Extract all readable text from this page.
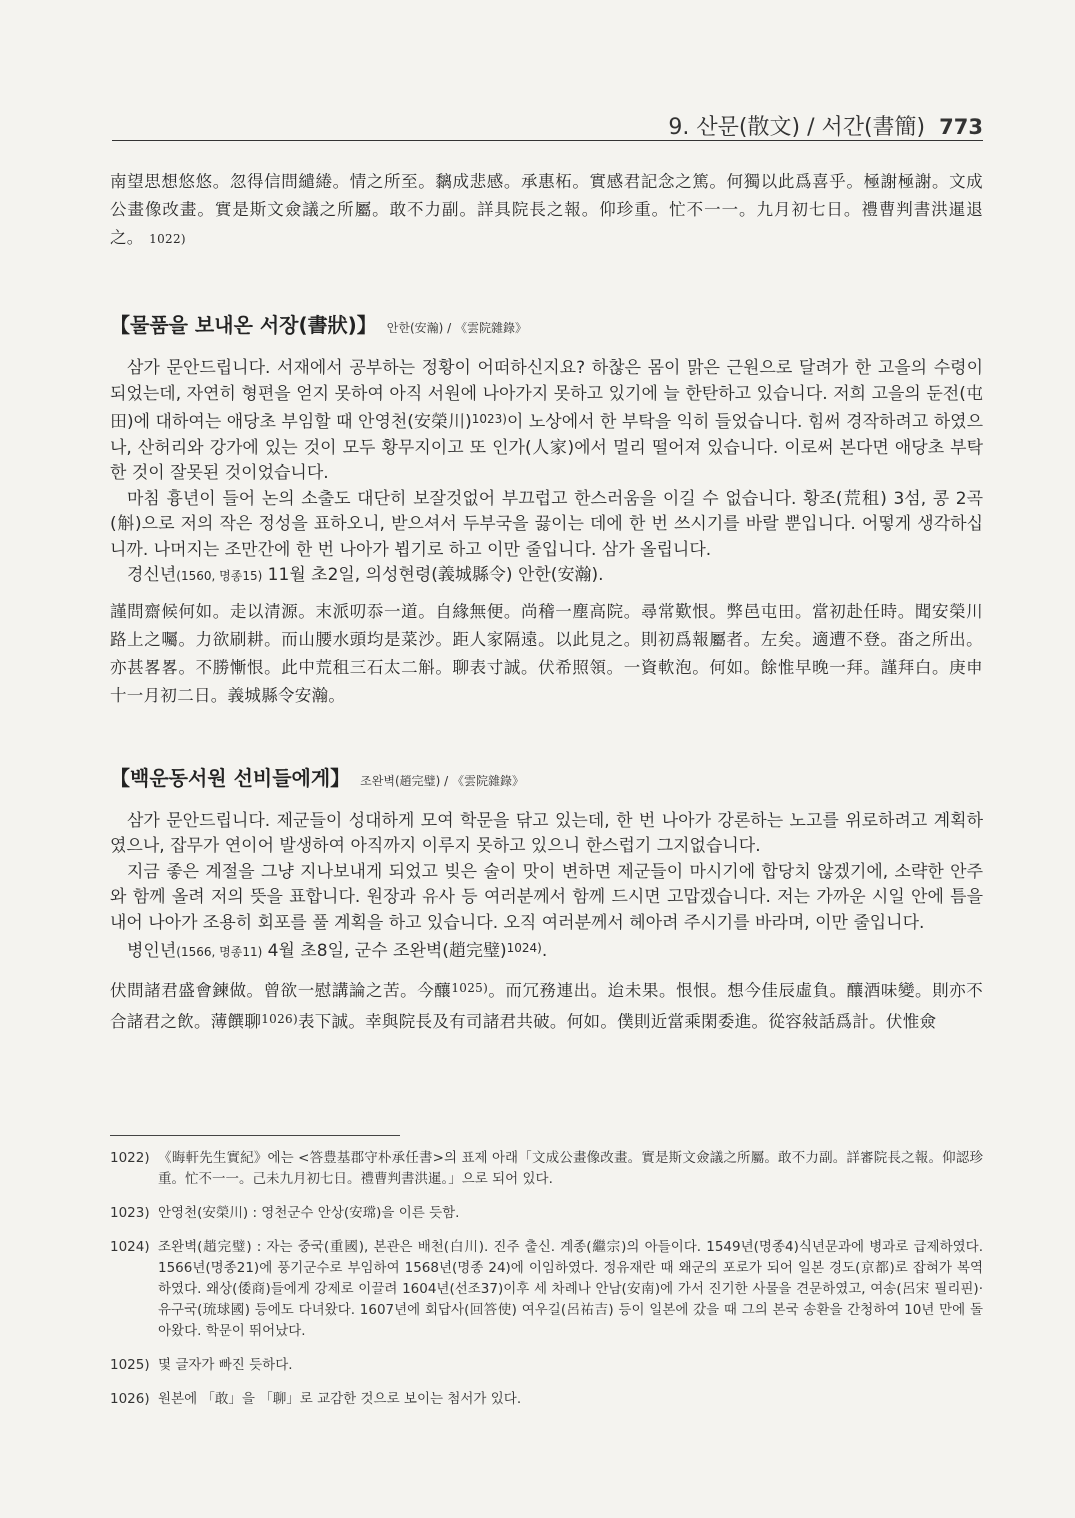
9. 산문(散文) / 서간(書簡) 773

南望思想悠悠。忽得信問繾綣。情之所至。黐成悲感。承惠柘。實感君記念之篤。何獨以此爲喜乎。極謝極謝。文成公畫像改畫。實是斯文僉議之所屬。敢不力副。詳具院長之報。仰珍重。忙不一一。九月初七日。禮曹判書洪暹退之。 1022)

【물품을 보내온 서장(書狀)】 안한(安瀚) / 《雲院雜錄》

삼가 문안드립니다. 서재에서 공부하는 정황이 어떠하신지요? 하찮은 몸이 맑은 근원으로 달려가 한 고을의 수령이 되었는데, 자연히 형편을 얻지 못하여 아직 서원에 나아가지 못하고 있기에 늘 한탄하고 있습니다. 저희 고을의 둔전(屯田)에 대하여는 애당초 부임할 때 안영천(安榮川)$^{1023)}$이 노상에서 한 부탁을 익히 들었습니다. 힘써 경작하려고 하였으나, 산허리와 강가에 있는 것이 모두 황무지이고 또 인가(人家)에서 멀리 떨어져 있습니다. 이로써 본다면 애당초 부탁한 것이 잘못된 것이었습니다.

마침 흉년이 들어 논의 소출도 대단히 보잘것없어 부끄럽고 한스러움을 이길 수 없습니다. 황조(荒租) 3섬, 콩 2곡(斛)으로 저의 작은 정성을 표하오니, 받으셔서 두부국을 끓이는 데에 한 번 쓰시기를 바랄 뿐입니다. 어떻게 생각하십니까. 나머지는 조만간에 한 번 나아가 뵙기로 하고 이만 줄입니다. 삼가 올립니다.

경신년(1560, 명종15) 11월 초2일, 의성현령(義城縣令) 안한(安瀚).

謹問齋候何如。走以清源。末派叨忝一道。自緣無便。尚稽一塵高院。尋常歎恨。弊邑屯田。當初赴任時。聞安榮川路上之囑。力欲刷耕。而山腰水頭均是菜沙。距人家隔遠。以此見之。則初爲報屬者。左矣。適遭不登。畓之所出。亦甚畧畧。不勝慚恨。此中荒租三石太二斛。聊表寸誠。伏希照領。一資軟泡。何如。餘惟早晚一拜。謹拜白。庚申十一月初二日。義城縣令安瀚。

【백운동서원 선비들에게】 조완벽(趙完璧) / 《雲院雜錄》

삼가 문안드립니다. 제군들이 성대하게 모여 학문을 닦고 있는데, 한 번 나아가 강론하는 노고를 위로하려고 계획하였으나, 잡무가 연이어 발생하여 아직까지 이루지 못하고 있으니 한스럽기 그지없습니다.

지금 좋은 계절을 그냥 지나보내게 되었고 빚은 술이 맛이 변하면 제군들이 마시기에 합당치 않겠기에, 소략한 안주와 함께 올려 저의 뜻을 표합니다. 원장과 유사 등 여러분께서 함께 드시면 고맙겠습니다. 저는 가까운 시일 안에 틈을 내어 나아가 조용히 회포를 풀 계획을 하고 있습니다. 오직 여러분께서 헤아려 주시기를 바라며, 이만 줄입니다.

병인년(1566, 명종11) 4월 초8일, 군수 조완벽(趙完璧)$^{1024)}$.

伏問諸君盛會鍊做。曾欲一慰講論之苦。今釀$^{1025)}$。而冗務連出。迨未果。恨恨。想今佳辰虛負。釀酒味變。則亦不合諸君之飲。薄饌聊$^{1026)}$表下誠。幸與院長及有司諸君共破。何如。僕則近當乘閑委進。從容敍話爲計。伏惟僉

1022) 《晦軒先生實紀》에는 <答豊基郡守朴承任書>의 표제 아래「文成公畫像改畫。實是斯文僉議之所屬。敢不力副。詳審院長之報。仰認珍重。忙不一一。己未九月初七日。禮曹判書洪暹。」으로 되어 있다.

1023) 안영천(安榮川) : 영천군수 안상(安瑺)을 이른 듯함.

1024) 조완벽(趙完璧) : 자는 중국(重國), 본관은 배천(白川). 진주 출신. 계종(繼宗)의 아들이다. 1549년(명종4)식년문과에 병과로 급제하였다. 1566년(명종21)에 풍기군수로 부임하여 1568년(명종 24)에 이임하였다. 정유재란 때 왜군의 포로가 되어 일본 경도(京都)로 잡혀가 복역하였다. 왜상(倭商)들에게 강제로 이끌려 1604년(선조37)이후 세 차례나 안남(安南)에 가서 진기한 사물을 견문하였고, 여송(呂宋 필리핀)·유구국(琉球國) 등에도 다녀왔다. 1607년에 회답사(回答使) 여우길(呂祐吉) 등이 일본에 갔을 때 그의 본국 송환을 간청하여 10년 만에 돌아왔다. 학문이 뛰어났다.

1025) 몇 글자가 빠진 듯하다.

1026) 원본에 「敢」을 「聊」로 교감한 것으로 보이는 첨서가 있다.
